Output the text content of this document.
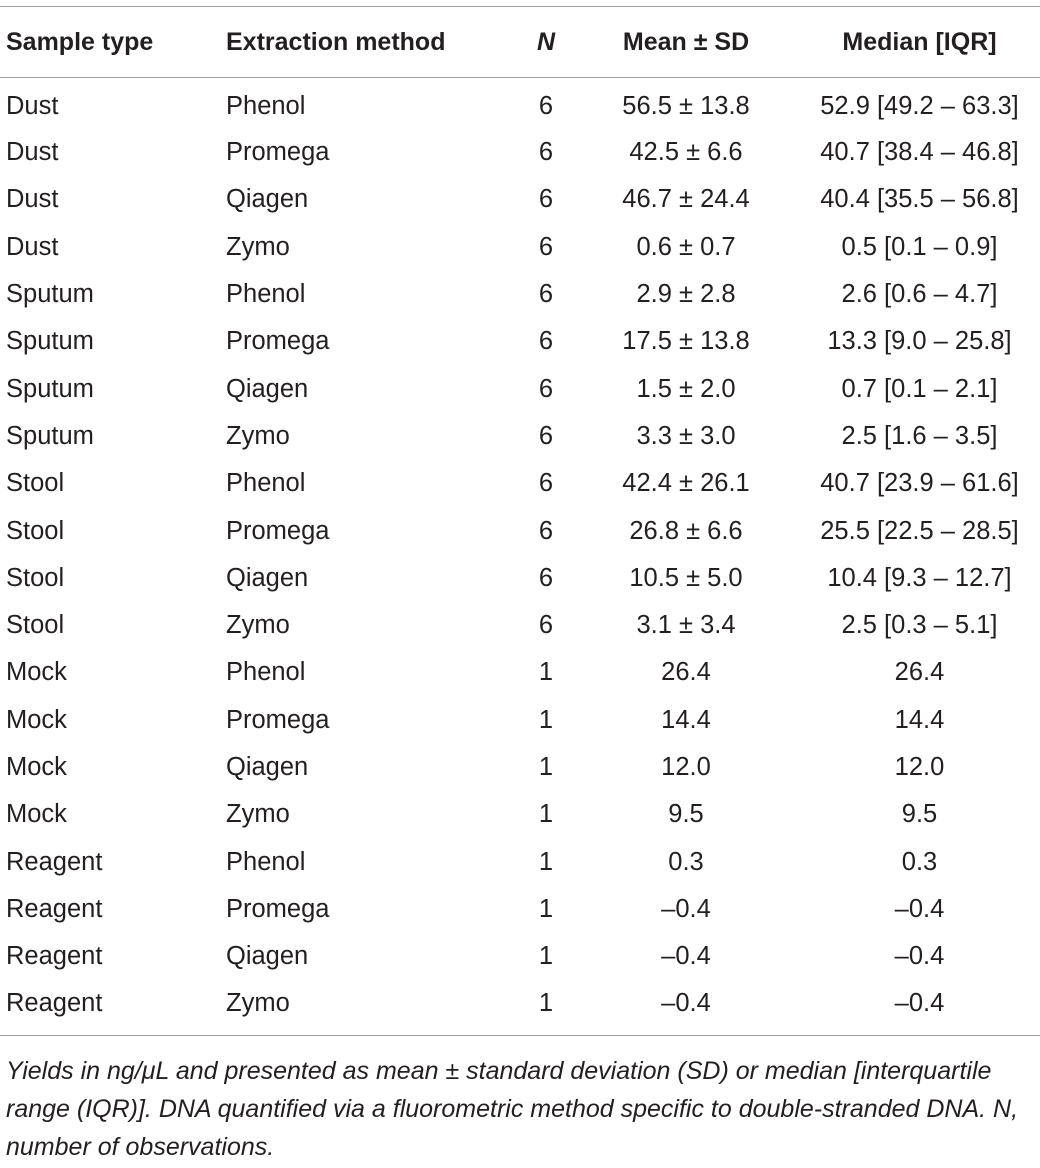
Sample type	Extraction method	N	Mean ± SD	Median [IQR]
Dust	Phenol	6	56.5 ± 13.8	52.9 [49.2 – 63.3]
Dust	Promega	6	42.5 ± 6.6	40.7 [38.4 – 46.8]
Dust	Qiagen	6	46.7 ± 24.4	40.4 [35.5 – 56.8]
Dust	Zymo	6	0.6 ± 0.7	0.5 [0.1 – 0.9]
Sputum	Phenol	6	2.9 ± 2.8	2.6 [0.6 – 4.7]
Sputum	Promega	6	17.5 ± 13.8	13.3 [9.0 – 25.8]
Sputum	Qiagen	6	1.5 ± 2.0	0.7 [0.1 – 2.1]
Sputum	Zymo	6	3.3 ± 3.0	2.5 [1.6 – 3.5]
Stool	Phenol	6	42.4 ± 26.1	40.7 [23.9 – 61.6]
Stool	Promega	6	26.8 ± 6.6	25.5 [22.5 – 28.5]
Stool	Qiagen	6	10.5 ± 5.0	10.4 [9.3 – 12.7]
Stool	Zymo	6	3.1 ± 3.4	2.5 [0.3 – 5.1]
Mock	Phenol	1	26.4	26.4
Mock	Promega	1	14.4	14.4
Mock	Qiagen	1	12.0	12.0
Mock	Zymo	1	9.5	9.5
Reagent	Phenol	1	0.3	0.3
Reagent	Promega	1	–0.4	–0.4
Reagent	Qiagen	1	–0.4	–0.4
Reagent	Zymo	1	–0.4	–0.4

Yields in ng/μL and presented as mean ± standard deviation (SD) or median [interquartile range (IQR)]. DNA quantified via a fluorometric method specific to double-stranded DNA. N, number of observations.
